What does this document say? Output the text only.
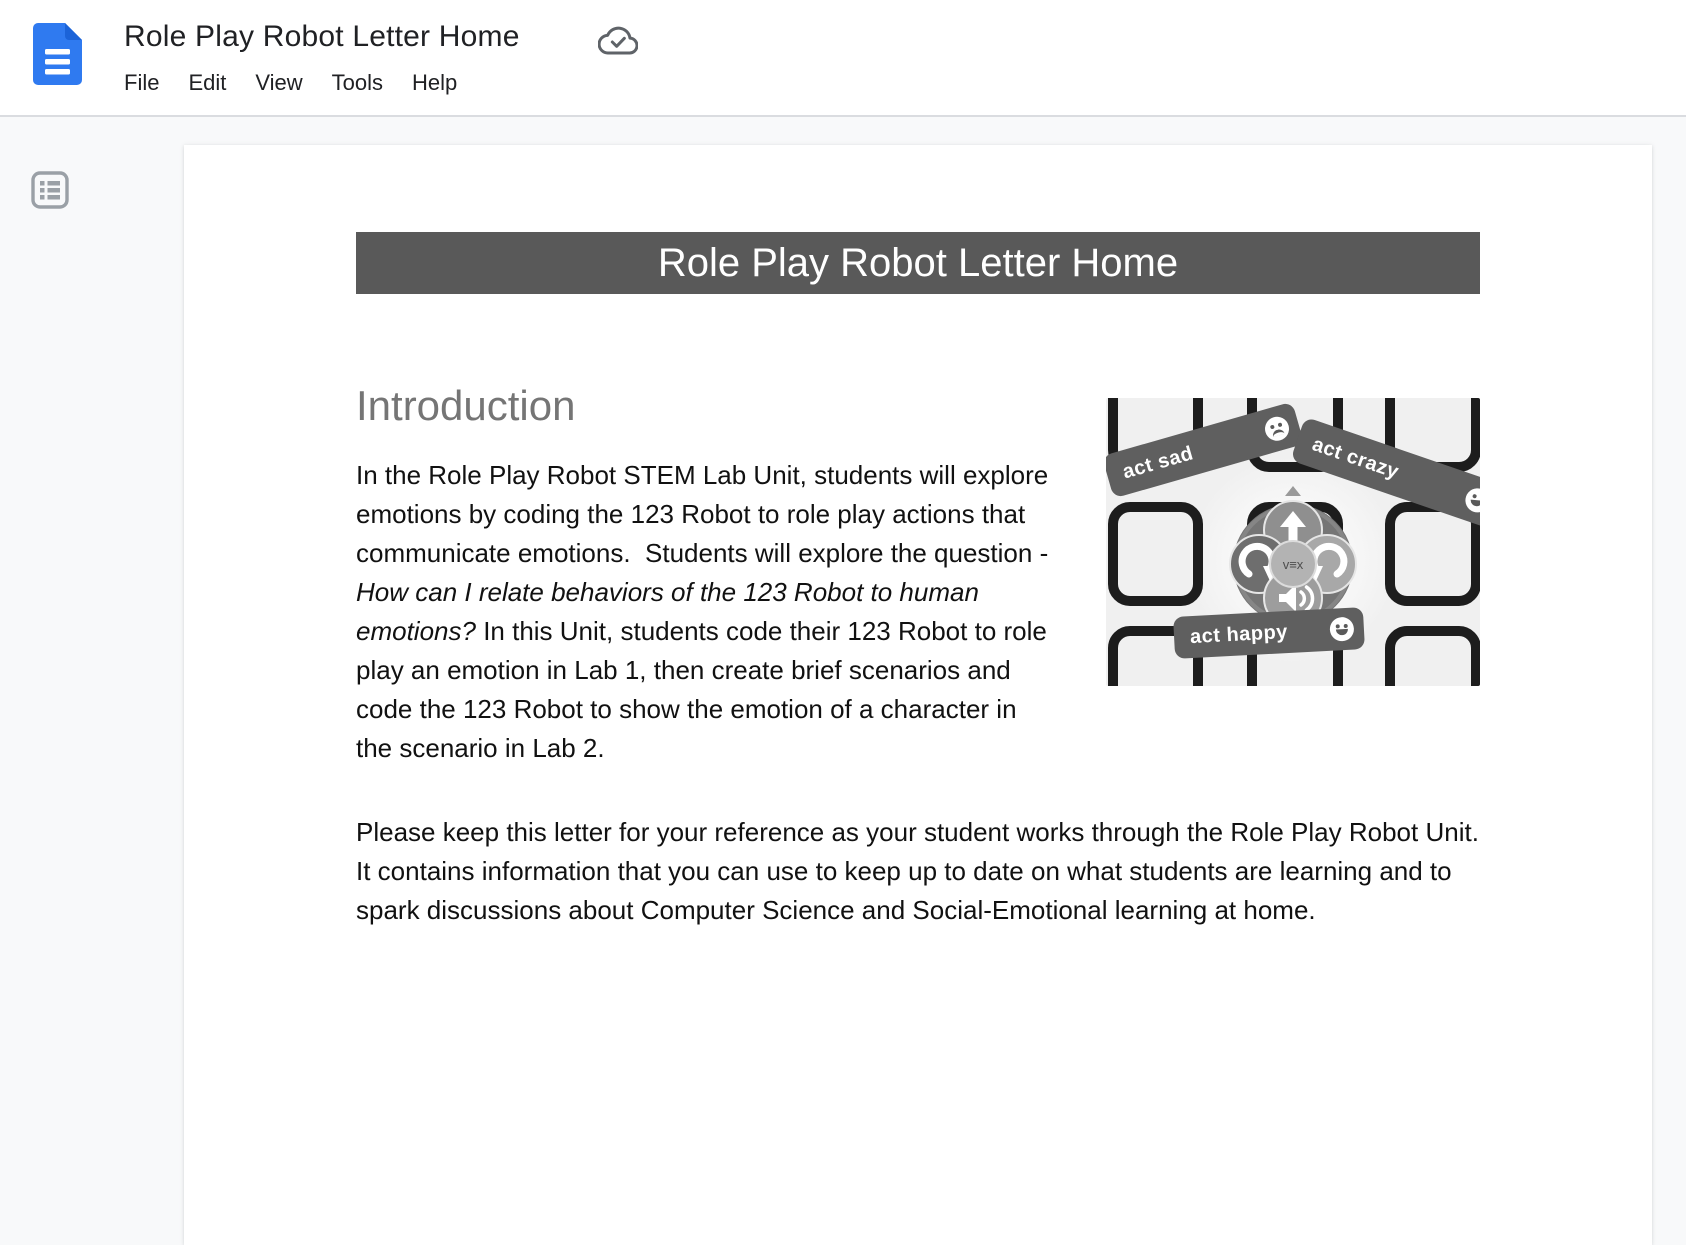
Role Play Robot Letter Home
File Edit View Tools Help
Role Play Robot Letter Home
act sad	act crazy
act happy
v≡x
Introduction

In the Role Play Robot STEM Lab Unit, students will explore emotions by coding the 123 Robot to role play actions that communicate emotions.  Students will explore the question - How can I relate behaviors of the 123 Robot to human emotions? In this Unit, students code their 123 Robot to role play an emotion in Lab 1, then create brief scenarios and code the 123 Robot to show the emotion of a character in the scenario in Lab 2.

Please keep this letter for your reference as your student works through the Role Play Robot Unit. It contains information that you can use to keep up to date on what students are learning and to spark discussions about Computer Science and Social-Emotional learning at home.
